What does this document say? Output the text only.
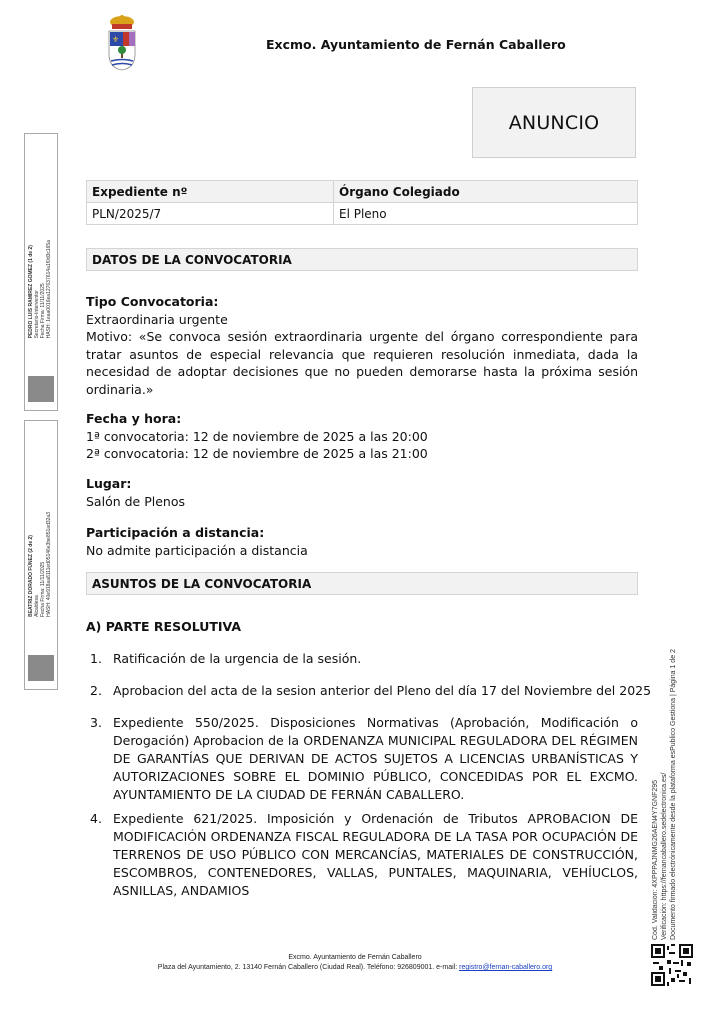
⚜	Excmo. Ayuntamiento de Fernán Caballero
ANUNCIO
Expediente nº	Órgano Colegiado
PLN/2025/7	El Pleno
DATOS DE LA CONVOCATORIA
Tipo Convocatoria:
Extraordinaria urgente
Motivo: «Se convoca sesión extraordinaria urgente del órgano correspondiente para tratar asuntos de especial relevancia que requieren resolución inmediata, dada la necesidad de adoptar decisiones que no pueden demorarse hasta la próxima sesión ordinaria.»
Fecha y hora:
1ª convocatoria: 12 de noviembre de 2025 a las 20:00
2ª convocatoria: 12 de noviembre de 2025 a las 21:00
Lugar:
Salón de Plenos
Participación a distancia:
No admite participación a distancia
ASUNTOS DE LA CONVOCATORIA
A) PARTE RESOLUTIVA
1. Ratificación de la urgencia de la sesión.
2. Aprobacion del acta de la sesion anterior del Pleno del día 17 del Noviembre del 2025
3. Expediente 550/2025. Disposiciones Normativas (Aprobación, Modificación o Derogación) Aprobacion de la ORDENANZA MUNICIPAL REGULADORA DEL RÉGIMEN DE GARANTÍAS QUE DERIVAN DE ACTOS SUJETOS A LICENCIAS URBANÍSTICAS Y AUTORIZACIONES SOBRE EL DOMINIO PÚBLICO, CONCEDIDAS POR EL EXCMO. AYUNTAMIENTO DE LA CIUDAD DE FERNÁN CABALLERO.
4. Expediente 621/2025. Imposición y Ordenación de Tributos APROBACION DE MODIFICACIÓN ORDENANZA FISCAL REGULADORA DE LA TASA POR OCUPACIÓN DE TERRENOS DE USO PÚBLICO CON MERCANCÍAS, MATERIALES DE CONSTRUCCIÓN, ESCOMBROS, CONTENEDORES, VALLAS, PUNTALES, MAQUINARIA, VEHÍUCLOS, ASNILLAS, ANDAMIOS
PEDRO LUIS RAMIREZ GOMEZ (1 de 2) Secretario-Interventor Fecha Firma: 11/11/2025 HASH: 1eaa0016ea127637614a1f0d3c165a
BEATRIZ DORADO FÚNEZ (2 de 2) Alcaldesa Fecha Firma: 11/11/2025 HASH: 40e918aa8111ed05146e3be851ad32a3
Cód. Validación: 4XPPPAJNMG26AEN4Y7GNF295 Verificación: https://fernancaballero.sedelectronica.es/ Documento firmado electrónicamente desde la plataforma esPublico Gestiona | Página 1 de 2
Excmo. Ayuntamiento de Fernán Caballero
Plaza del Ayuntamiento, 2. 13140 Fernán Caballero (Ciudad Real). Teléfono: 926809001. e-mail: registro@fernan-caballero.org
